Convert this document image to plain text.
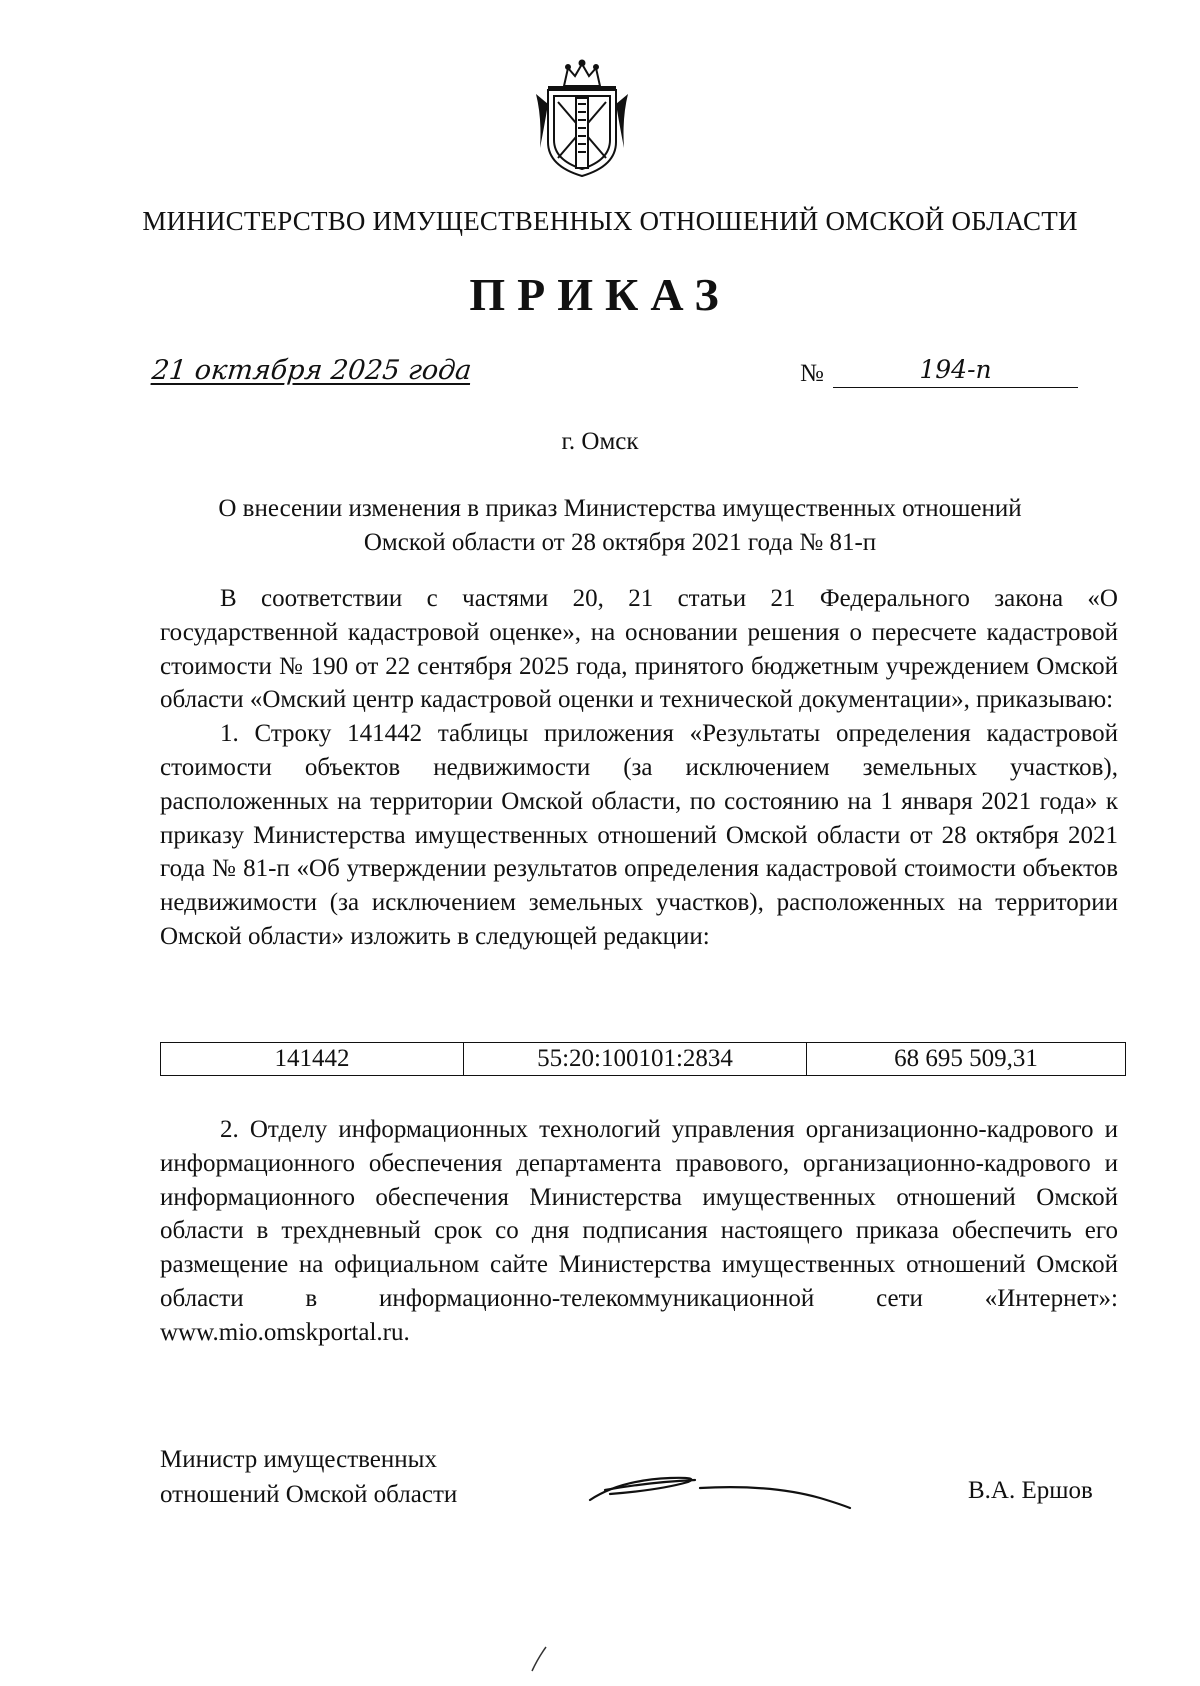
МИНИСТЕРСТВО ИМУЩЕСТВЕННЫХ ОТНОШЕНИЙ ОМСКОЙ ОБЛАСТИ
ПРИКАЗ
21 октября 2025 года	№	194-п
г. Омск
О внесении изменения в приказ Министерства имущественных отношений
Омской области от 28 октября 2021 года № 81-п

В соответствии с частями 20, 21 статьи 21 Федерального закона «О государственной кадастровой оценке», на основании решения о пересчете кадастровой стоимости № 190 от 22 сентября 2025 года, принятого бюджетным учреждением Омской области «Омский центр кадастровой оценки и технической документации», приказываю:

1. Строку 141442 таблицы приложения «Результаты определения кадастровой стоимости объектов недвижимости (за исключением земельных участков), расположенных на территории Омской области, по состоянию на 1 января 2021 года» к приказу Министерства имущественных отношений Омской области от 28 октября 2021 года № 81-п «Об утверждении результатов определения кадастровой стоимости объектов недвижимости (за исключением земельных участков), расположенных на территории Омской области» изложить в следующей редакции:

141442	55:20:100101:2834	68 695 509,31

2. Отделу информационных технологий управления организационно-кадрового и информационного обеспечения департамента правового, организационно-кадрового и информационного обеспечения Министерства имущественных отношений Омской области в трехдневный срок со дня подписания настоящего приказа обеспечить его размещение на официальном сайте Министерства имущественных отношений Омской области в информационно-телекоммуникационной сети «Интернет»: www.mio.omskportal.ru.

Министр имущественных
отношений Омской области	В.А. Ершов
